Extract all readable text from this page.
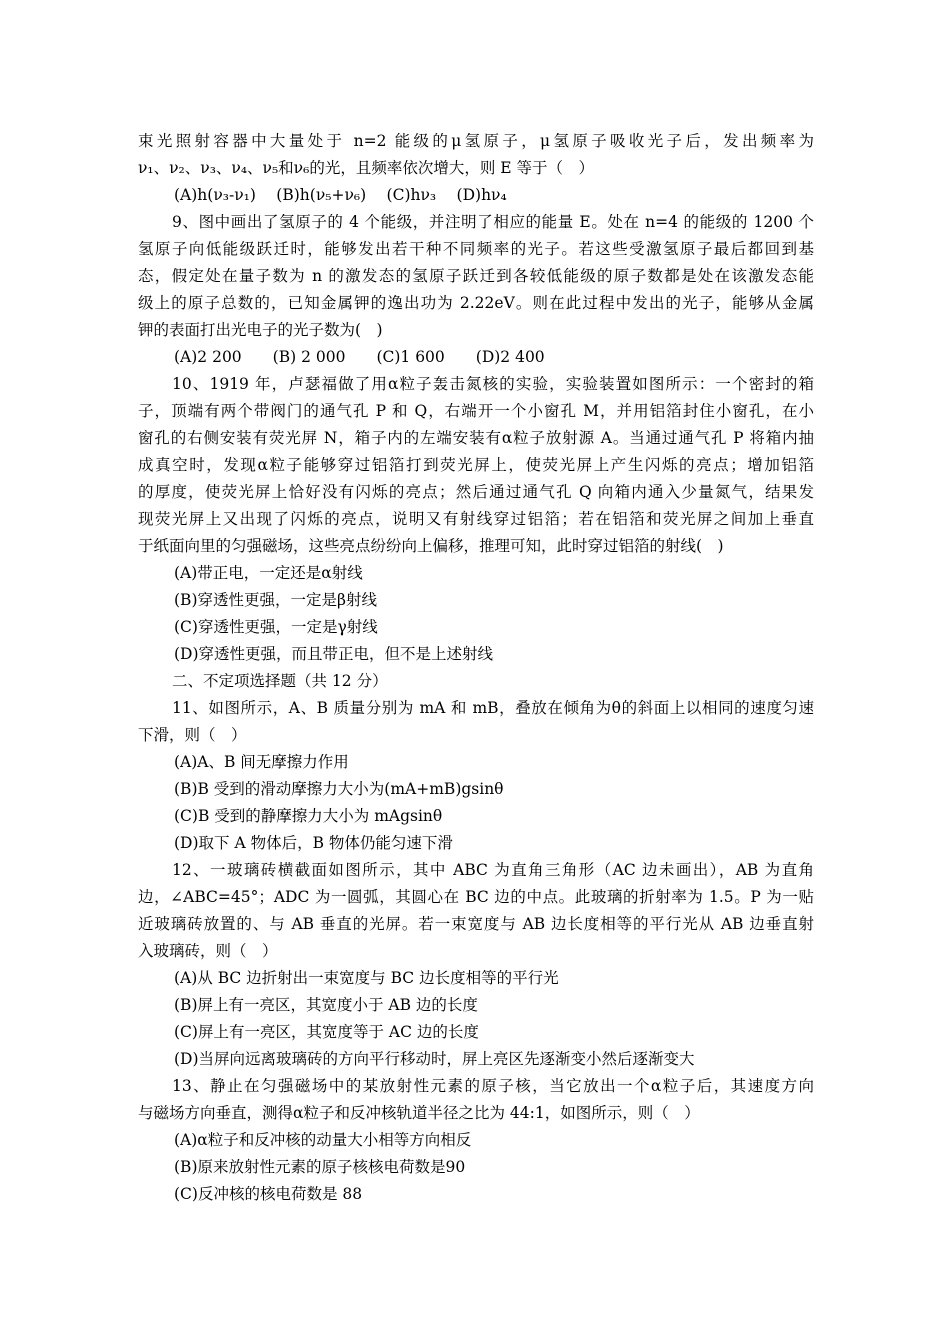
束光照射容器中大量处于 n=2 能级的μ氢原子，μ氢原子吸收光子后，发出频率为
ν₁、ν₂、ν₃、ν₄、ν₅和ν₆的光，且频率依次增大，则 E 等于（　）
(A)h(ν₃-ν₁)　 (B)h(ν₅+ν₆)　 (C)hν₃　 (D)hν₄
9、图中画出了氢原子的 4 个能级，并注明了相应的能量 E。处在 n=4 的能级的 1200 个
氢原子向低能级跃迁时，能够发出若干种不同频率的光子。若这些受激氢原子最后都回到基
态，假定处在量子数为 n 的激发态的氢原子跃迁到各较低能级的原子数都是处在该激发态能
级上的原子总数的，已知金属钾的逸出功为 2.22eV。则在此过程中发出的光子，能够从金属
钾的表面打出光电子的光子数为(　)
(A)2 200　　(B) 2 000　　(C)1 600　　(D)2 400
10、1919 年，卢瑟福做了用α粒子轰击氮核的实验，实验装置如图所示：一个密封的箱
子，顶端有两个带阀门的通气孔 P 和 Q，右端开一个小窗孔 M，并用铝箔封住小窗孔，在小
窗孔的右侧安装有荧光屏 N，箱子内的左端安装有α粒子放射源 A。当通过通气孔 P 将箱内抽
成真空时，发现α粒子能够穿过铝箔打到荧光屏上，使荧光屏上产生闪烁的亮点；增加铝箔
的厚度，使荧光屏上恰好没有闪烁的亮点；然后通过通气孔 Q 向箱内通入少量氮气，结果发
现荧光屏上又出现了闪烁的亮点，说明又有射线穿过铝箔；若在铝箔和荧光屏之间加上垂直
于纸面向里的匀强磁场，这些亮点纷纷向上偏移，推理可知，此时穿过铝箔的射线(　)
(A)带正电，一定还是α射线
(B)穿透性更强，一定是β射线
(C)穿透性更强，一定是γ射线
(D)穿透性更强，而且带正电，但不是上述射线
二、不定项选择题（共 12 分）
11、如图所示，A、B 质量分别为 mA 和 mB，叠放在倾角为θ的斜面上以相同的速度匀速
下滑，则（　）
(A)A、B 间无摩擦力作用
(B)B 受到的滑动摩擦力大小为(mA+mB)gsinθ
(C)B 受到的静摩擦力大小为 mAgsinθ
(D)取下 A 物体后，B 物体仍能匀速下滑
12、一玻璃砖横截面如图所示，其中 ABC 为直角三角形（AC 边未画出），AB 为直角
边，∠ABC=45°；ADC 为一圆弧，其圆心在 BC 边的中点。此玻璃的折射率为 1.5。P 为一贴
近玻璃砖放置的、与 AB 垂直的光屏。若一束宽度与 AB 边长度相等的平行光从 AB 边垂直射
入玻璃砖，则（　）
(A)从 BC 边折射出一束宽度与 BC 边长度相等的平行光
(B)屏上有一亮区，其宽度小于 AB 边的长度
(C)屏上有一亮区，其宽度等于 AC 边的长度
(D)当屏向远离玻璃砖的方向平行移动时，屏上亮区先逐渐变小然后逐渐变大
13、静止在匀强磁场中的某放射性元素的原子核，当它放出一个α粒子后，其速度方向
与磁场方向垂直，测得α粒子和反冲核轨道半径之比为 44:1，如图所示，则（　）
(A)α粒子和反冲核的动量大小相等方向相反
(B)原来放射性元素的原子核核电荷数是90
(C)反冲核的核电荷数是 88
